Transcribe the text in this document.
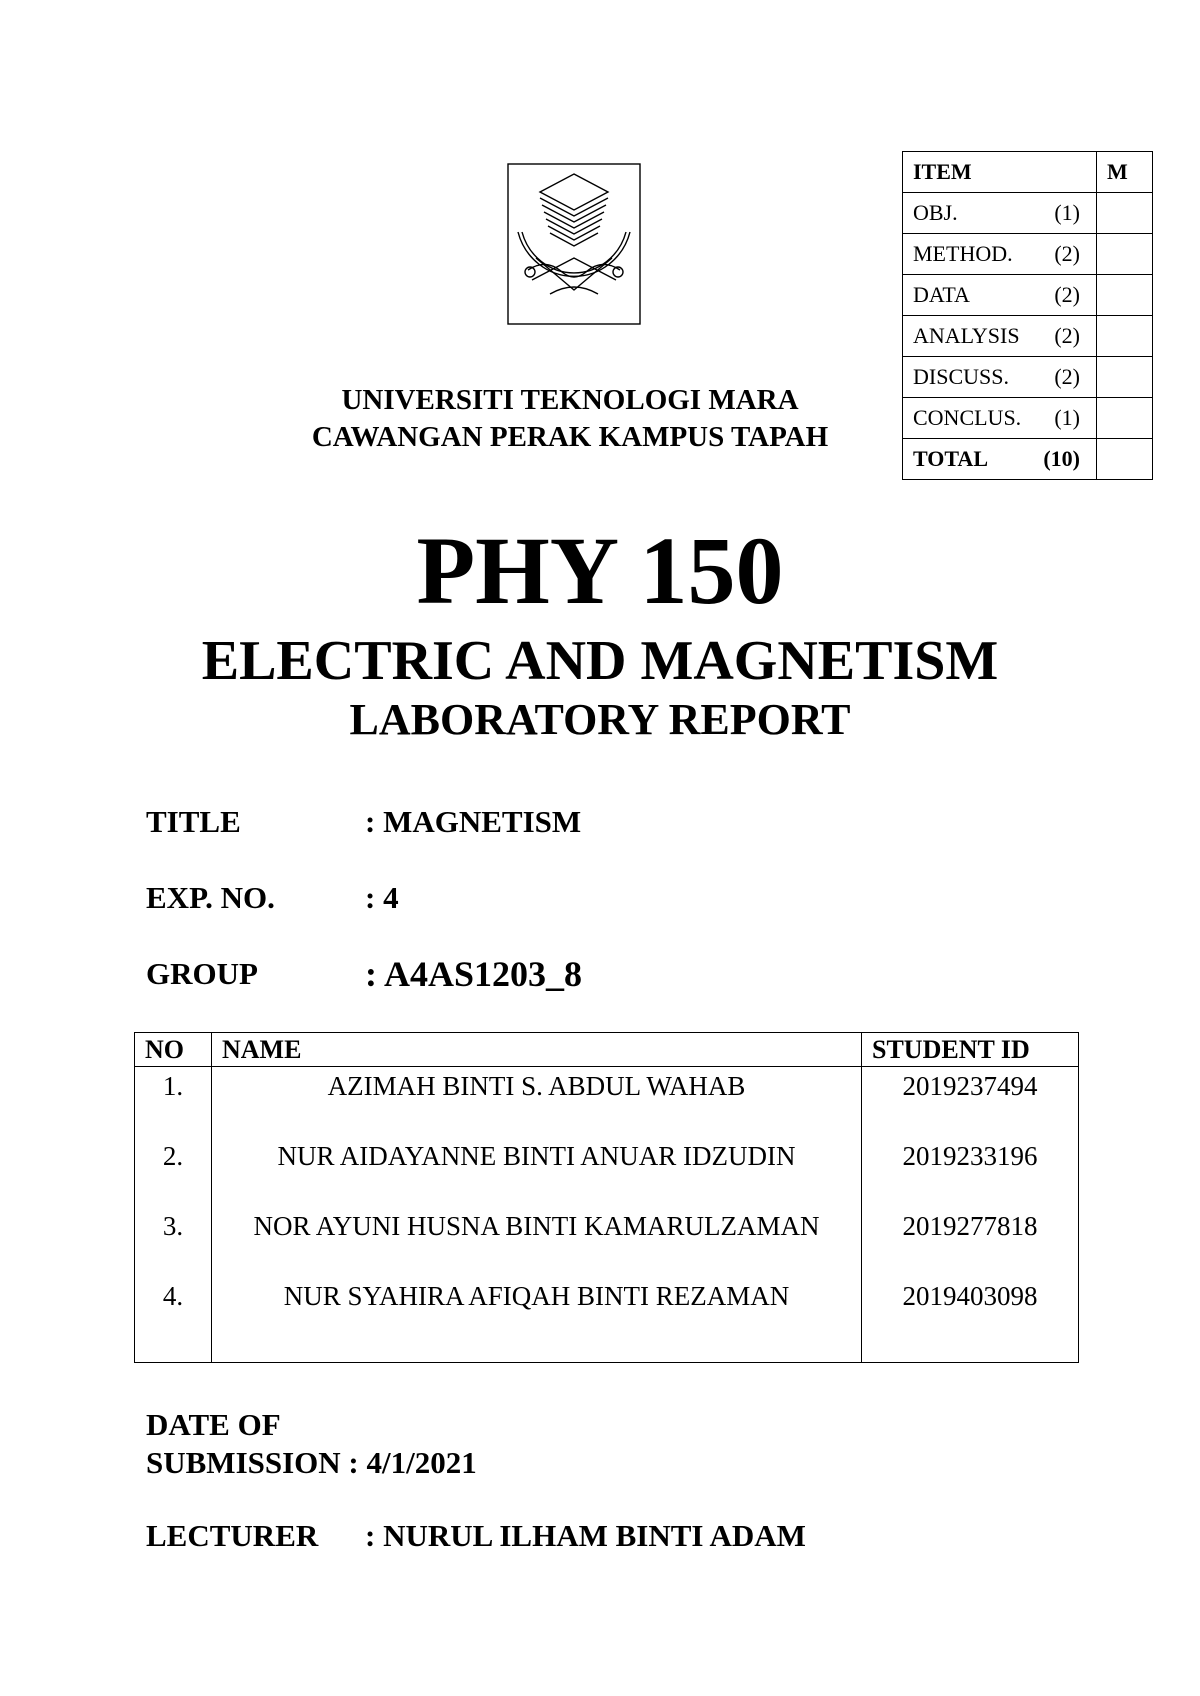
UNIVERSITI TEKNOLOGI MARA
CAWANGAN PERAK KAMPUS TAPAH
ITEM	M

OBJ. (1)	

METHOD. (2)	

DATA (2)	

ANALYSIS (2)	

DISCUSS. (2)	

CONCLUS. (1)	

TOTAL (10)	

PHY 150
ELECTRIC AND MAGNETISM
LABORATORY REPORT
TITLE	: MAGNETISM
EXP. NO.	: 4
GROUP	: A4AS1203_8
NO	NAME	STUDENT ID
1.	AZIMAH BINTI S. ABDUL WAHAB	2019237494
2.	NUR AIDAYANNE BINTI ANUAR IDZUDIN	2019233196
3.	NOR AYUNI HUSNA BINTI KAMARULZAMAN	2019277818
4.	NUR SYAHIRA AFIQAH BINTI REZAMAN	2019403098
DATE OF
SUBMISSION : 4/1/2021
LECTURER : NURUL ILHAM BINTI ADAM
